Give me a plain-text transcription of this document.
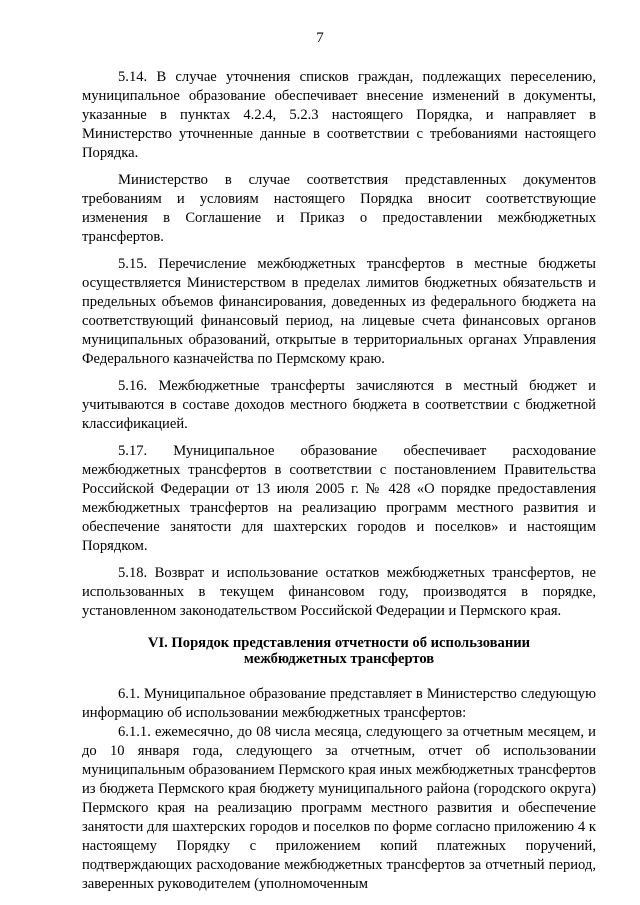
7

5.14. В случае уточнения списков граждан, подлежащих переселению, муниципальное образование обеспечивает внесение изменений в документы, указанные в пунктах 4.2.4, 5.2.3 настоящего Порядка, и направляет в Министерство уточненные данные в соответствии с требованиями настоящего Порядка.

Министерство в случае соответствия представленных документов требованиям и условиям настоящего Порядка вносит соответствующие изменения в Соглашение и Приказ о предоставлении межбюджетных трансфертов.

5.15. Перечисление межбюджетных трансфертов в местные бюджеты осуществляется Министерством в пределах лимитов бюджетных обязательств и предельных объемов финансирования, доведенных из федерального бюджета на соответствующий финансовый период, на лицевые счета финансовых органов муниципальных образований, открытые в территориальных органах Управления Федерального казначейства по Пермскому краю.

5.16. Межбюджетные трансферты зачисляются в местный бюджет и учитываются в составе доходов местного бюджета в соответствии с бюджетной классификацией.

5.17. Муниципальное образование обеспечивает расходование межбюджетных трансфертов в соответствии с постановлением Правительства Российской Федерации от 13 июля 2005 г. № 428 «О порядке предоставления межбюджетных трансфертов на реализацию программ местного развития и обеспечение занятости для шахтерских городов и поселков» и настоящим Порядком.

5.18. Возврат и использование остатков межбюджетных трансфертов, не использованных в текущем финансовом году, производятся в порядке, установленном законодательством Российской Федерации и Пермского края.

VI. Порядок представления отчетности об использовании
межбюджетных трансфертов

6.1. Муниципальное образование представляет в Министерство следующую информацию об использовании межбюджетных трансфертов:

6.1.1. ежемесячно, до 08 числа месяца, следующего за отчетным месяцем, и до 10 января года, следующего за отчетным, отчет об использовании муниципальным образованием Пермского края иных межбюджетных трансфертов из бюджета Пермского края бюджету муниципального района (городского округа) Пермского края на реализацию программ местного развития и обеспечение занятости для шахтерских городов и поселков по форме согласно приложению 4 к настоящему Порядку с приложением копий платежных поручений, подтверждающих расходование межбюджетных трансфертов за отчетный период, заверенных руководителем (уполномоченным
